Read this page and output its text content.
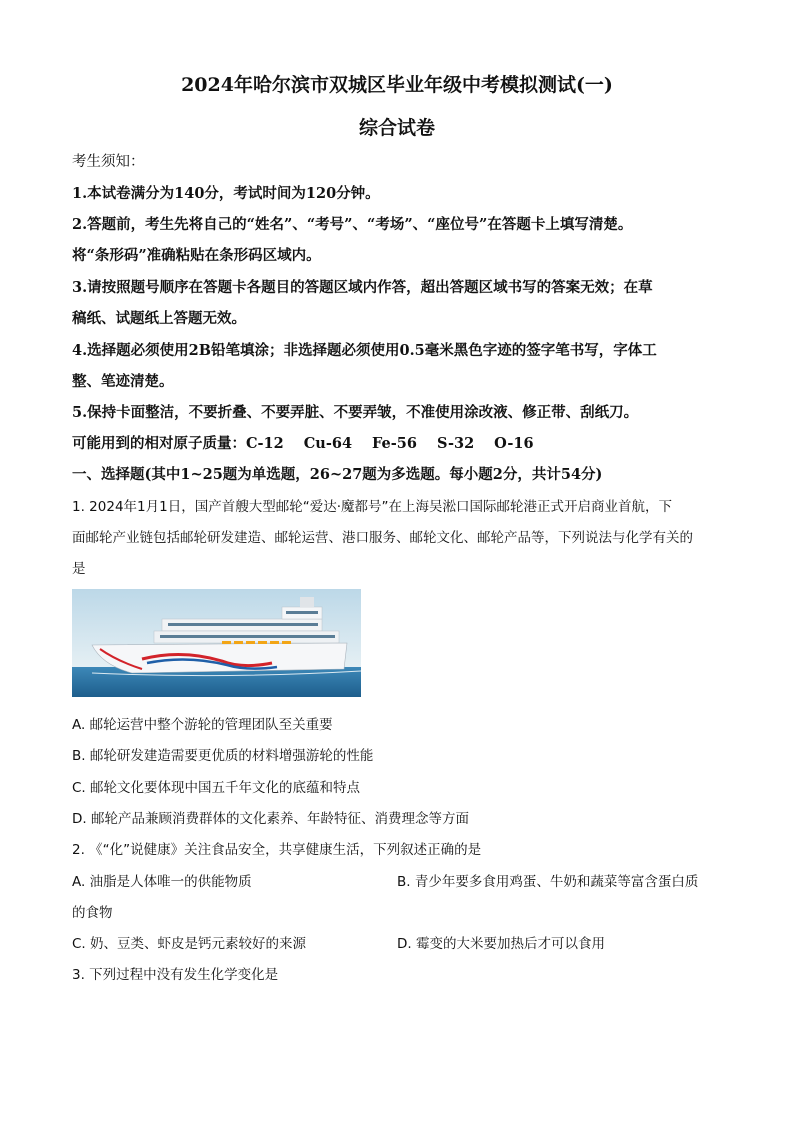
2024年哈尔滨市双城区毕业年级中考模拟测试(一)
综合试卷
考生须知：
1.本试卷满分为140分，考试时间为120分钟。
2.答题前，考生先将自己的“姓名”、“考号”、“考场”、“座位号”在答题卡上填写清楚。
将“条形码”准确粘贴在条形码区域内。
3.请按照题号顺序在答题卡各题目的答题区域内作答，超出答题区域书写的答案无效；在草
稿纸、试题纸上答题无效。
4.选择题必须使用2B铅笔填涂；非选择题必须使用0.5毫米黑色字迹的签字笔书写，字体工
整、笔迹清楚。
5.保持卡面整洁，不要折叠、不要弄脏、不要弄皱，不准使用涂改液、修正带、刮纸刀。
可能用到的相对原子质量：C-12 Cu-64 Fe-56 S-32 O-16
一、选择题(其中1~25题为单选题，26~27题为多选题。每小题2分，共计54分)
1. 2024年1月1日，国产首艘大型邮轮“爱达·魔都号”在上海吴淞口国际邮轮港正式开启商业首航，下
面邮轮产业链包括邮轮研发建造、邮轮运营、港口服务、邮轮文化、邮轮产品等，下列说法与化学有关的
是
A. 邮轮运营中整个游轮的管理团队至关重要
B. 邮轮研发建造需要更优质的材料增强游轮的性能
C. 邮轮文化要体现中国五千年文化的底蕴和特点
D. 邮轮产品兼顾消费群体的文化素养、年龄特征、消费理念等方面
2. 《“化”说健康》关注食品安全，共享健康生活，下列叙述正确的是
A. 油脂是人体唯一的供能物质	B. 青少年要多食用鸡蛋、牛奶和蔬菜等富含蛋白质
的食物
C. 奶、豆类、虾皮是钙元素较好的来源	D. 霉变的大米要加热后才可以食用
3. 下列过程中没有发生化学变化是
